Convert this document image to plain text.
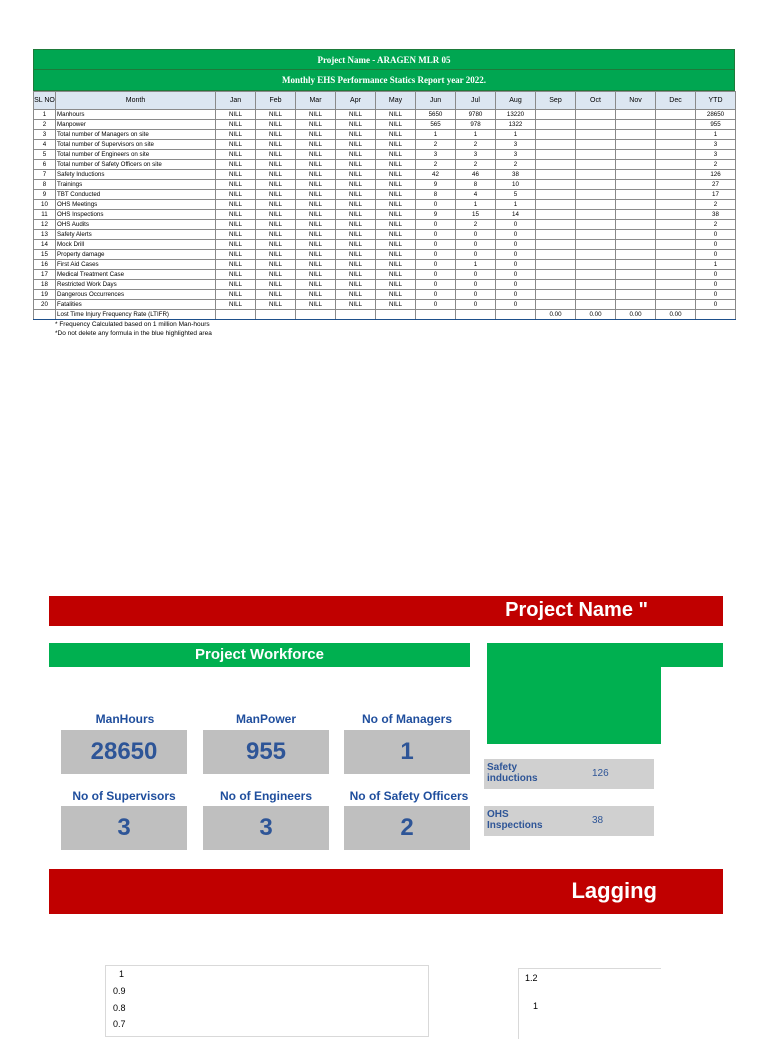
Project Name - ARAGEN MLR 05
Monthly EHS Performance Statics Report year 2022.
SL NO	Month	Jan	Feb	Mar	Apr	May	Jun	Jul	Aug	Sep	Oct	Nov	Dec	YTD
1	Manhours	NILL	NILL	NILL	NILL	NILL	5650	9780	13220					28650
2	Manpower	NILL	NILL	NILL	NILL	NILL	565	978	1322					955
3	Total number of Managers on site	NILL	NILL	NILL	NILL	NILL	1	1	1					1
4	Total number of Supervisors on site	NILL	NILL	NILL	NILL	NILL	2	2	3					3
5	Total number of Engineers on site	NILL	NILL	NILL	NILL	NILL	3	3	3					3
6	Total number of Safety Officers on site	NILL	NILL	NILL	NILL	NILL	2	2	2					2
7	Safety Inductions	NILL	NILL	NILL	NILL	NILL	42	46	38					126
8	Trainings	NILL	NILL	NILL	NILL	NILL	9	8	10					27
9	TBT Conducted	NILL	NILL	NILL	NILL	NILL	8	4	5					17
10	OHS Meetings	NILL	NILL	NILL	NILL	NILL	0	1	1					2
11	OHS Inspections	NILL	NILL	NILL	NILL	NILL	9	15	14					38
12	OHS Audits	NILL	NILL	NILL	NILL	NILL	0	2	0					2
13	Safety Alerts	NILL	NILL	NILL	NILL	NILL	0	0	0					0
14	Mock Drill	NILL	NILL	NILL	NILL	NILL	0	0	0					0
15	Property damage	NILL	NILL	NILL	NILL	NILL	0	0	0					0
16	First Aid Cases	NILL	NILL	NILL	NILL	NILL	0	1	0					1
17	Medical Treatment Case	NILL	NILL	NILL	NILL	NILL	0	0	0					0
18	Restricted Work Days	NILL	NILL	NILL	NILL	NILL	0	0	0					0
19	Dangerous Occurrences	NILL	NILL	NILL	NILL	NILL	0	0	0					0
20	Fatalities	NILL	NILL	NILL	NILL	NILL	0	0	0					0
	Lost Time Injury Frequency Rate (LTIFR)									0.00	0.00	0.00	0.00	
* Frequency Calculated based on 1 million Man-hours
*Do not delete any formula in the blue highlighted area
Project Name "
Project Workforce
ManHours
28650
ManPower
955
No of Managers
1
No of Supervisors
3
No of Engineers
3
No of Safety Officers
2
Safety
inductions	126
OHS
Inspections	38
Lagging
1
0.9
0.8
0.7
1.2
1
